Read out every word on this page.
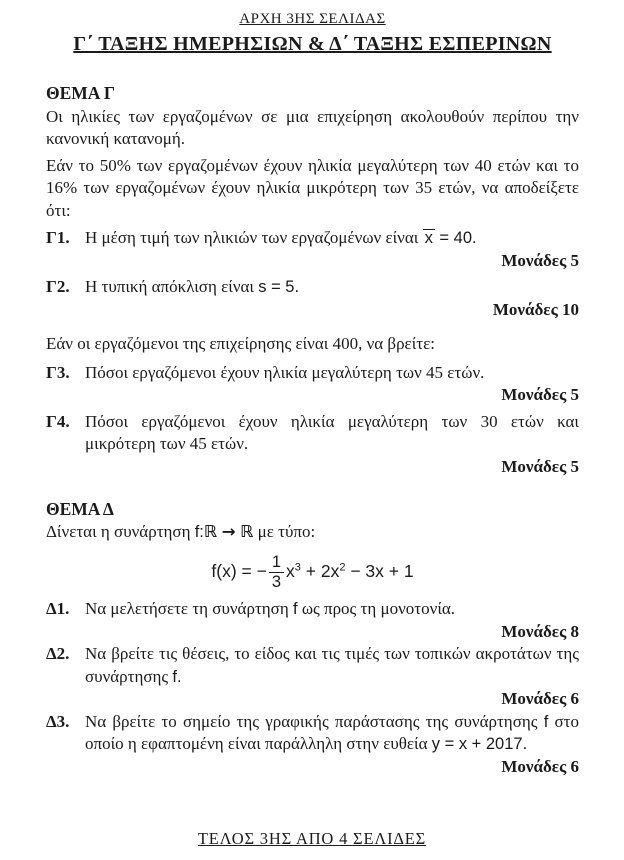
ΑΡΧΗ 3ΗΣ ΣΕΛΙΔΑΣ
Γ΄ ΤΑΞΗΣ ΗΜΕΡΗΣΙΩΝ & Δ΄ ΤΑΞΗΣ ΕΣΠΕΡΙΝΩΝ
ΘΕΜΑ Γ

Οι ηλικίες των εργαζομένων σε μια επιχείρηση ακολουθούν περίπου την κανονική κατανομή.

Εάν το 50% των εργαζομένων έχουν ηλικία μεγαλύτερη των 40 ετών και το 16% των εργαζομένων έχουν ηλικία μικρότερη των 35 ετών, να αποδείξετε ότι:

Γ1. Η μέση τιμή των ηλικιών των εργαζομένων είναι x = 40.

Μονάδες 5

Γ2. Η τυπική απόκλιση είναι s = 5.

Μονάδες 10

Εάν οι εργαζόμενοι της επιχείρησης είναι 400, να βρείτε:

Γ3. Πόσοι εργαζόμενοι έχουν ηλικία μεγαλύτερη των 45 ετών.

Μονάδες 5

Γ4. Πόσοι εργαζόμενοι έχουν ηλικία μεγαλύτερη των 30 ετών και μικρότερη των 45 ετών.

Μονάδες 5

ΘΕΜΑ Δ

Δίνεται η συνάρτηση f:ℝ → ℝ με τύπο:

f(x) = − $\frac{1}{3} x^3 + 2x^2 - 3x + 1$

Δ1. Να μελετήσετε τη συνάρτηση f ως προς τη μονοτονία.

Μονάδες 8

Δ2. Να βρείτε τις θέσεις, το είδος και τις τιμές των τοπικών ακροτάτων της συνάρτησης f.

Μονάδες 6

Δ3. Να βρείτε το σημείο της γραφικής παράστασης της συνάρτησης f στο οποίο η εφαπτομένη είναι παράλληλη στην ευθεία y = x + 2017.

Μονάδες 6

ΤΕΛΟΣ 3ΗΣ ΑΠΟ 4 ΣΕΛΙΔΕΣ
